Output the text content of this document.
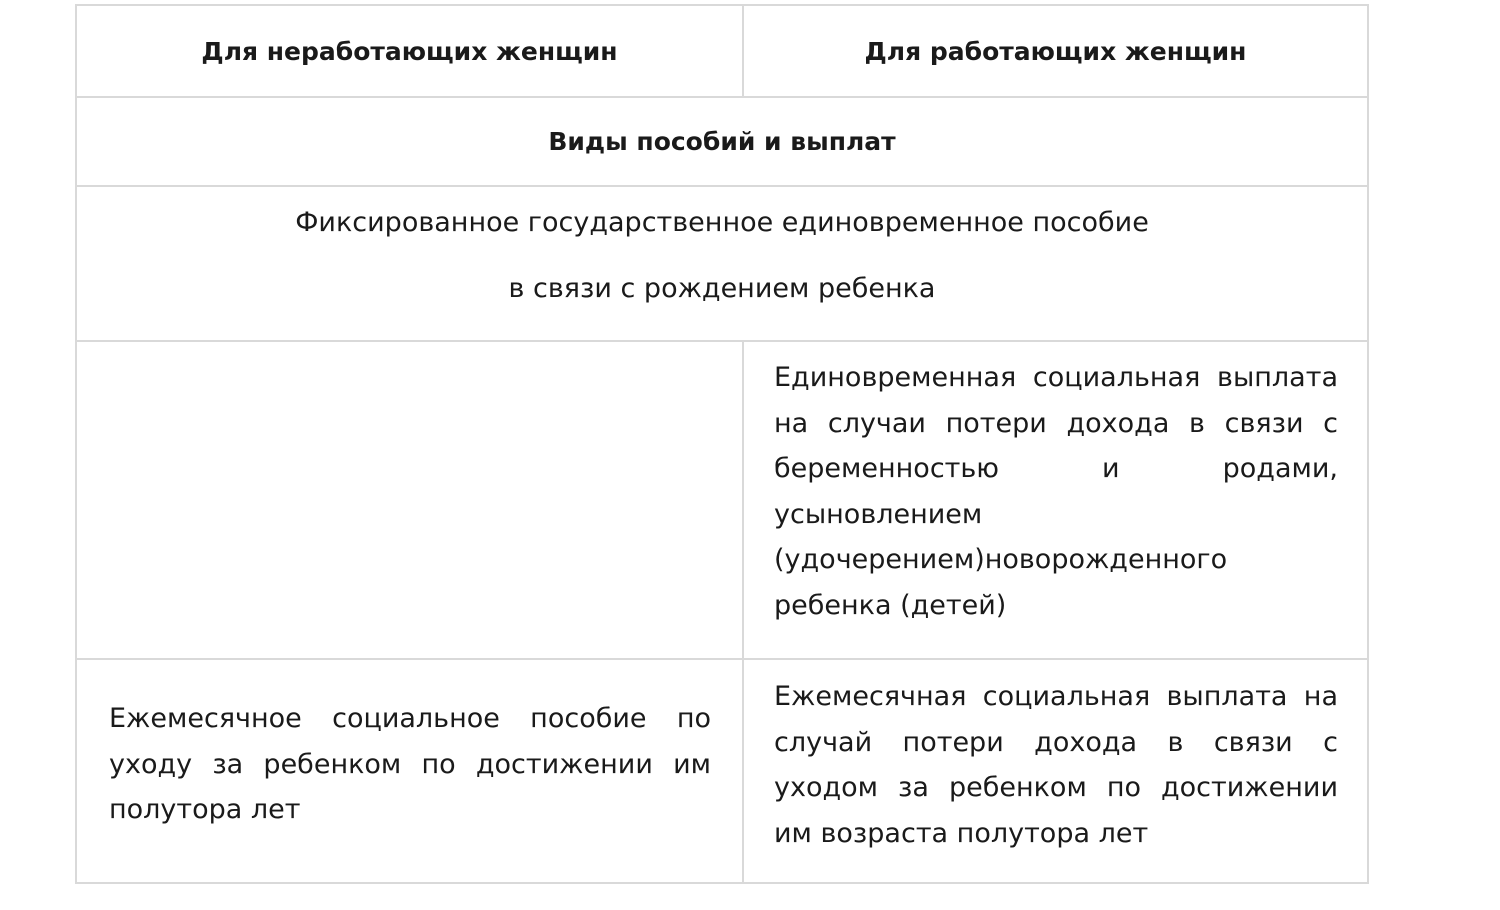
Для неработающих женщин	Для работающих женщин
Виды пособий и выплат
Фиксированное государственное единовременное пособие
в связи с рождением ребенка
Единовременная социальная выплата на случаи потери дохода в связи с беременностью и родами, усыновлением (удочерением)новорожденного ребенка (детей)
Ежемесячное социальное пособие по уходу за ребенком по достижении им полутора лет
Ежемесячная социальная выплата на случай потери дохода в связи с уходом за ребенком по достижении им возраста полутора лет
